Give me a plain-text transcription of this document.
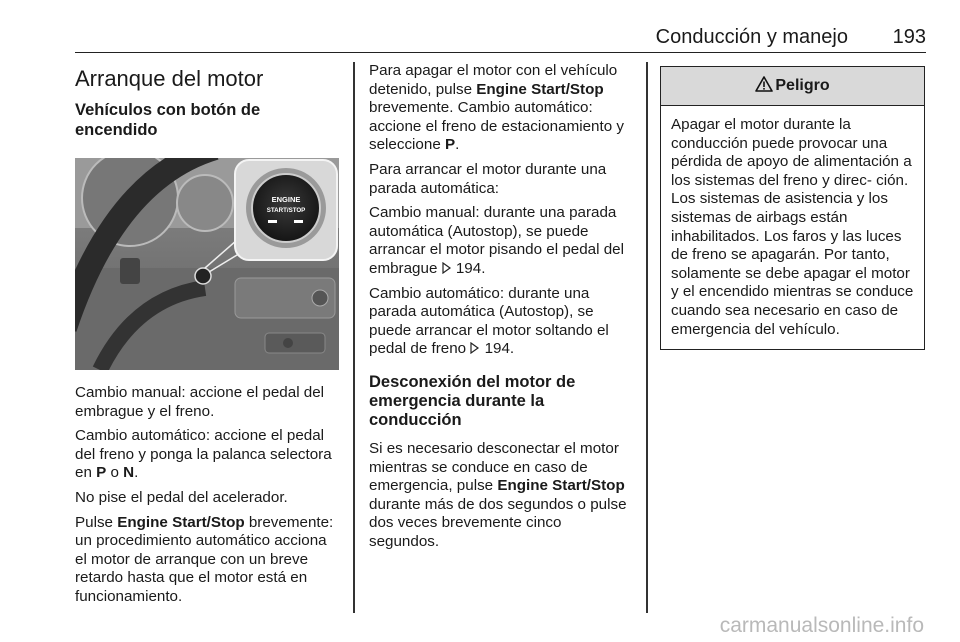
Conducción y manejo 193
Arranque del motor
Vehículos con botón de encendido
ENGINE
START/STOP

Cambio manual: accione el pedal del embrague y el freno.

Cambio automático: accione el pedal del freno y ponga la palanca selectora en P o N.

No pise el pedal del acelerador.

Pulse Engine Start/Stop brevemente: un procedimiento automático acciona el motor de arranque con un breve retardo hasta que el motor está en funcionamiento.

Para apagar el motor con el vehículo detenido, pulse Engine Start/Stop brevemente. Cambio automático: accione el freno de estacionamiento y seleccione P.

Para arrancar el motor durante una parada automática:

Cambio manual: durante una parada automática (Autostop), se puede arrancar el motor pisando el pedal del embrague  194.

Cambio automático: durante una parada automática (Autostop), se puede arrancar el motor soltando el pedal de freno  194.

Desconexión del motor de emergencia durante la conducción

Si es necesario desconectar el motor mientras se conduce en caso de emergencia, pulse Engine Start/Stop durante más de dos segundos o pulse dos veces brevemente cinco segundos.

Peligro
Apagar el motor durante la conducción puede provocar una pérdida de apoyo de alimentación a los sistemas del freno y direc- ción. Los sistemas de asistencia y los sistemas de airbags están inhabilitados. Los faros y las luces de freno se apagarán. Por tanto, solamente se debe apagar el motor y el encendido mientras se conduce cuando sea necesario en caso de emergencia del vehículo.
carmanualsonline.info
